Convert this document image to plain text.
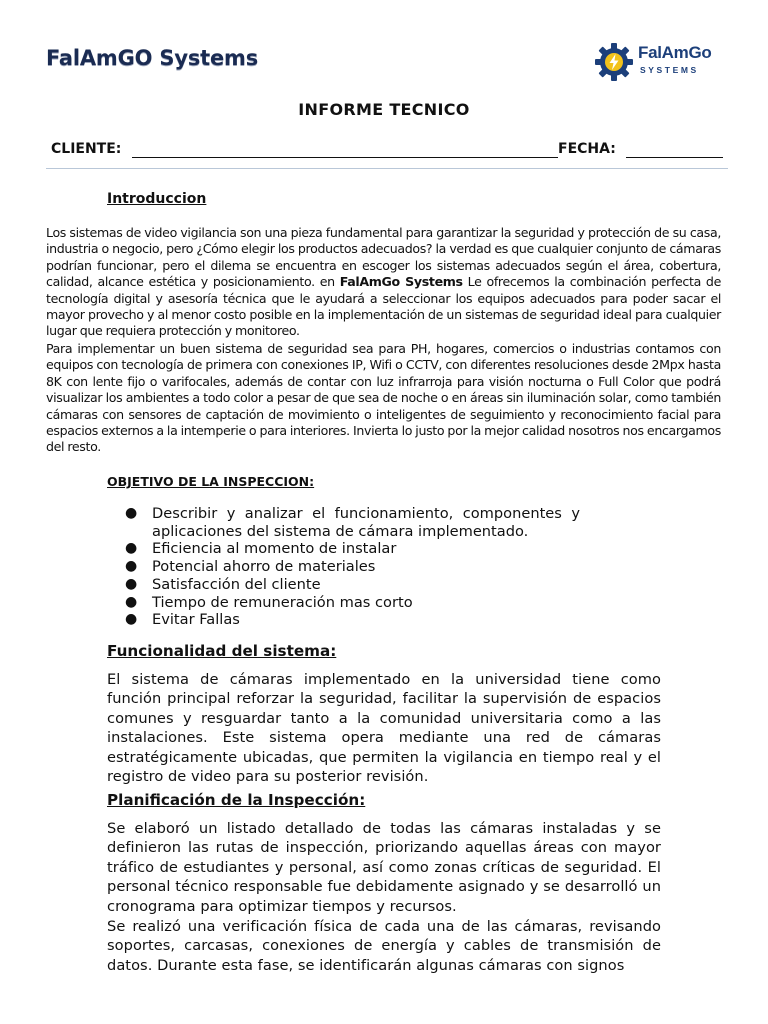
FalAmGO Systems	FalAmGo
SYSTEMS
INFORME TECNICO
CLIENTE:	FECHA:
Introduccion
Los sistemas de video vigilancia son una pieza fundamental para garantizar la seguridad y protección de su casa, industria o negocio, pero ¿Cómo elegir los productos adecuados? la verdad es que cualquier conjunto de cámaras podrían funcionar, pero el dilema se encuentra en escoger los sistemas adecuados según el área, cobertura, calidad, alcance estética y posicionamiento. en FalAmGo Systems Le ofrecemos la combinación perfecta de tecnología digital y asesoría técnica que le ayudará a seleccionar los equipos adecuados para poder sacar el mayor provecho y al menor costo posible en la implementación de un sistemas de seguridad ideal para cualquier lugar que requiera protección y monitoreo.
Para implementar un buen sistema de seguridad sea para PH, hogares, comercios o industrias contamos con equipos con tecnología de primera con conexiones IP, Wifi o CCTV, con diferentes resoluciones desde 2Mpx hasta 8K con lente fijo o varifocales, además de contar con luz infrarroja para visión nocturna o Full Color que podrá visualizar los ambientes a todo color a pesar de que sea de noche o en áreas sin iluminación solar, como también cámaras con sensores de captación de movimiento o inteligentes de seguimiento y reconocimiento facial para espacios externos a la intemperie o para interiores. Invierta lo justo por la mejor calidad nosotros nos encargamos del resto.
OBJETIVO DE LA INSPECCION:
● Describir y analizar el funcionamiento, componentes y aplicaciones del sistema de cámara implementado.
● Eficiencia al momento de instalar
● Potencial ahorro de materiales
● Satisfacción del cliente
● Tiempo de remuneración mas corto
● Evitar Fallas
Funcionalidad del sistema:
El sistema de cámaras implementado en la universidad tiene como función principal reforzar la seguridad, facilitar la supervisión de espacios comunes y resguardar tanto a la comunidad universitaria como a las instalaciones. Este sistema opera mediante una red de cámaras estratégicamente ubicadas, que permiten la vigilancia en tiempo real y el registro de video para su posterior revisión.
Planificación de la Inspección:
Se elaboró un listado detallado de todas las cámaras instaladas y se definieron las rutas de inspección, priorizando aquellas áreas con mayor tráfico de estudiantes y personal, así como zonas críticas de seguridad. El personal técnico responsable fue debidamente asignado y se desarrolló un cronograma para optimizar tiempos y recursos.
Se realizó una verificación física de cada una de las cámaras, revisando soportes, carcasas, conexiones de energía y cables de transmisión de datos. Durante esta fase, se identificarán algunas cámaras con signos
